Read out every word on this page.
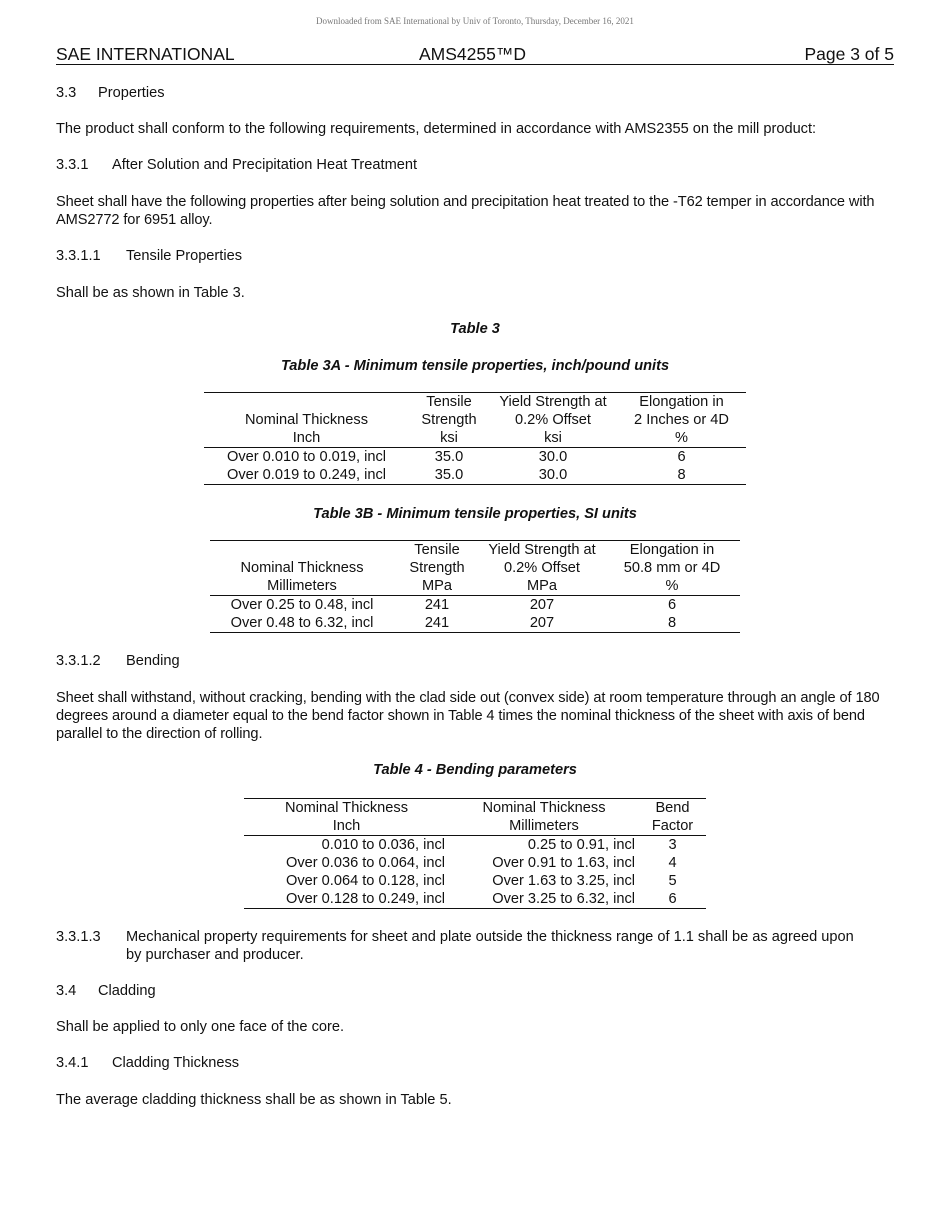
Downloaded from SAE International by Univ of Toronto, Thursday, December 16, 2021
SAE INTERNATIONAL	AMS4255™D	Page 3 of 5
3.3 Properties
The product shall conform to the following requirements, determined in accordance with AMS2355 on the mill product:
3.3.1 After Solution and Precipitation Heat Treatment
Sheet shall have the following properties after being solution and precipitation heat treated to the -T62 temper in accordance with AMS2772 for 6951 alloy.
3.3.1.1 Tensile Properties
Shall be as shown in Table 3.
Table 3
Table 3A - Minimum tensile properties, inch/pound units
	Tensile	Yield Strength at	Elongation in
Nominal Thickness	Strength	0.2% Offset	2 Inches or 4D
Inch	ksi	ksi	%
Over 0.010 to 0.019, incl	35.0	30.0	6
Over 0.019 to 0.249, incl	35.0	30.0	8
Table 3B - Minimum tensile properties, SI units
	Tensile	Yield Strength at	Elongation in
Nominal Thickness	Strength	0.2% Offset	50.8 mm or 4D
Millimeters	MPa	MPa	%
Over 0.25 to 0.48, incl	241	207	6
Over 0.48 to 6.32, incl	241	207	8
3.3.1.2 Bending
Sheet shall withstand, without cracking, bending with the clad side out (convex side) at room temperature through an angle of 180 degrees around a diameter equal to the bend factor shown in Table 4 times the nominal thickness of the sheet with axis of bend parallel to the direction of rolling.
Table 4 - Bending parameters
Nominal Thickness	Nominal Thickness	Bend
Inch	Millimeters	Factor
0.010 to 0.036, incl	0.25 to 0.91, incl	3
Over 0.036 to 0.064, incl	Over 0.91 to 1.63, incl	4
Over 0.064 to 0.128, incl	Over 1.63 to 3.25, incl	5
Over 0.128 to 0.249, incl	Over 3.25 to 6.32, incl	6
3.3.1.3 Mechanical property requirements for sheet and plate outside the thickness range of 1.1 shall be as agreed upon
by purchaser and producer.
3.4 Cladding
Shall be applied to only one face of the core.
3.4.1 Cladding Thickness
The average cladding thickness shall be as shown in Table 5.
